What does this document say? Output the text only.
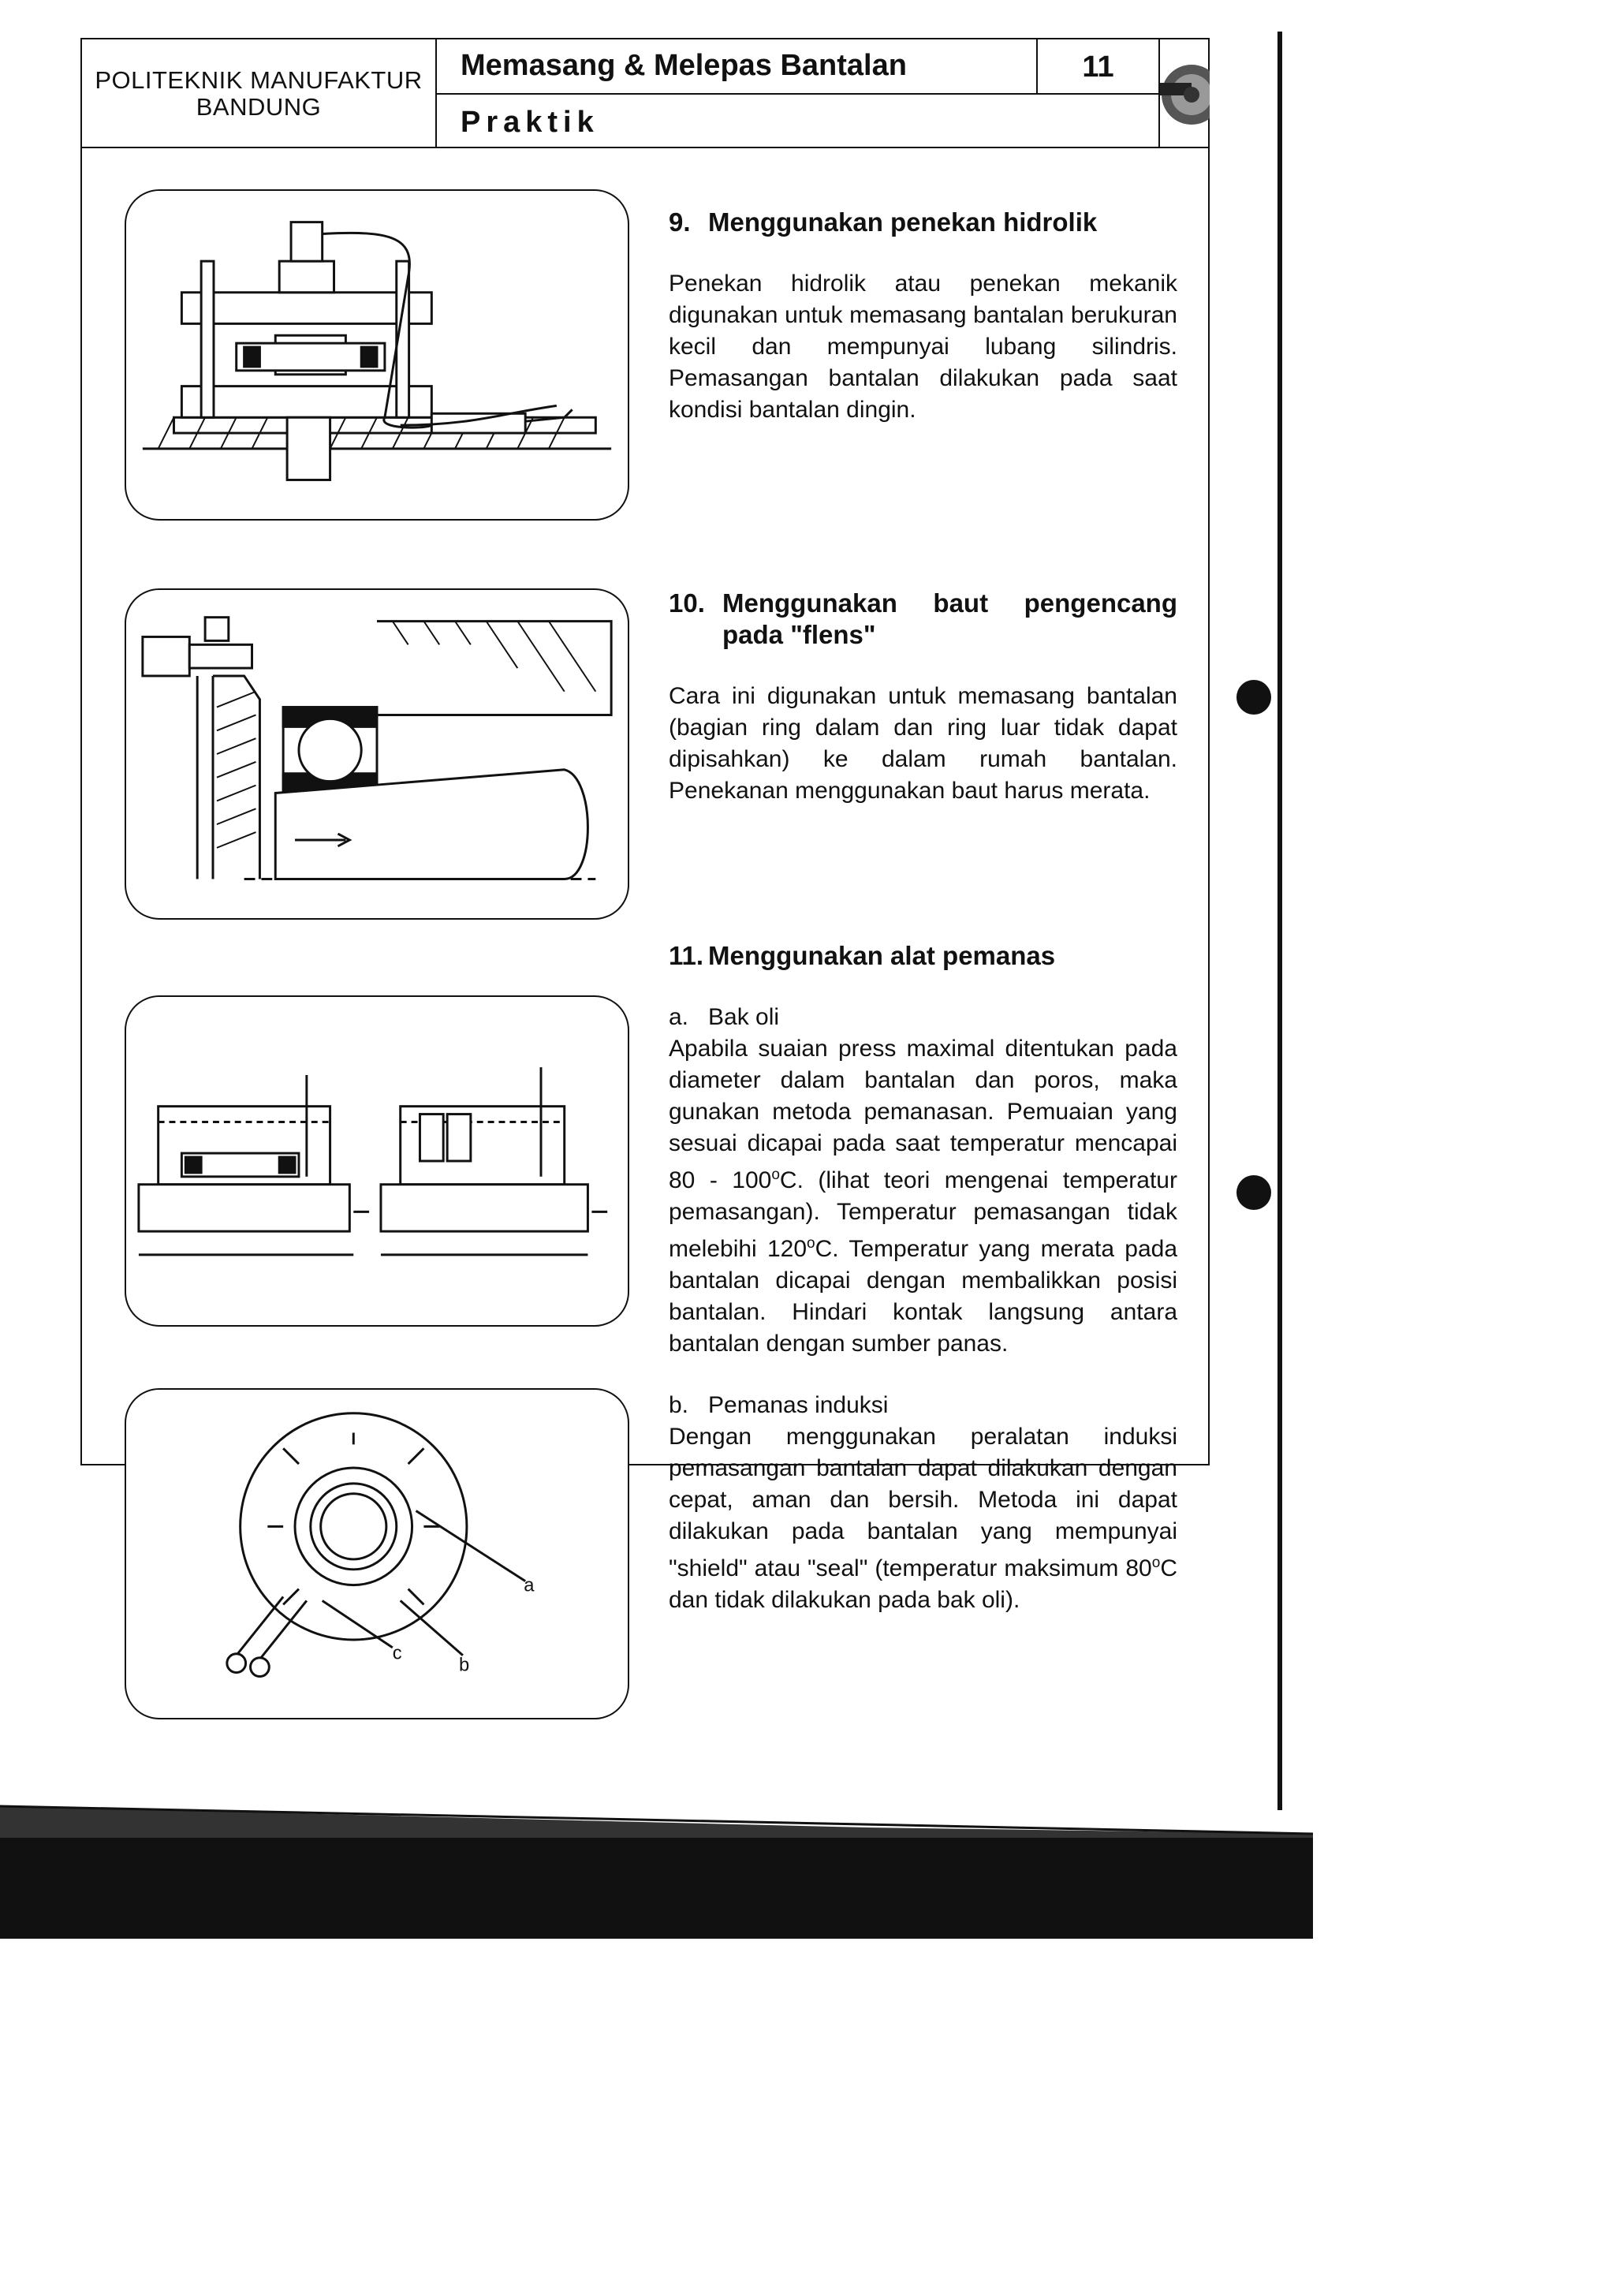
POLITEKNIK MANUFAKTUR
BANDUNG
Memasang & Melepas Bantalan	11
Praktik
9. Menggunakan penekan hidrolik

Penekan hidrolik atau penekan mekanik digunakan untuk memasang bantalan berukuran kecil dan mempunyai lubang silindris. Pemasangan bantalan dilakukan pada saat kondisi bantalan dingin.

10. Menggunakan baut pengencang pada "flens"

Cara ini digunakan untuk memasang bantalan (bagian ring dalam dan ring luar tidak dapat dipisahkan) ke dalam rumah bantalan. Penekanan menggunakan baut harus merata.

a
b
c
11. Menggunakan alat pemanas

a. Bak oli

Apabila suaian press maximal ditentukan pada diameter dalam bantalan dan poros, maka gunakan metoda pemanasan. Pemuaian yang sesuai dicapai pada saat temperatur mencapai 80 - 100$^o$C. (lihat teori mengenai temperatur pemasangan). Temperatur pemasangan tidak melebihi 120$^o$C. Temperatur yang merata pada bantalan dicapai dengan membalikkan posisi bantalan. Hindari kontak langsung antara bantalan dengan sumber panas.

b. Pemanas induksi

Dengan menggunakan peralatan induksi pemasangan bantalan dapat dilakukan dengan cepat, aman dan bersih. Metoda ini dapat dilakukan pada bantalan yang mempunyai "shield" atau "seal" (temperatur maksimum 80$^o$C dan tidak dilakukan pada bak oli).
